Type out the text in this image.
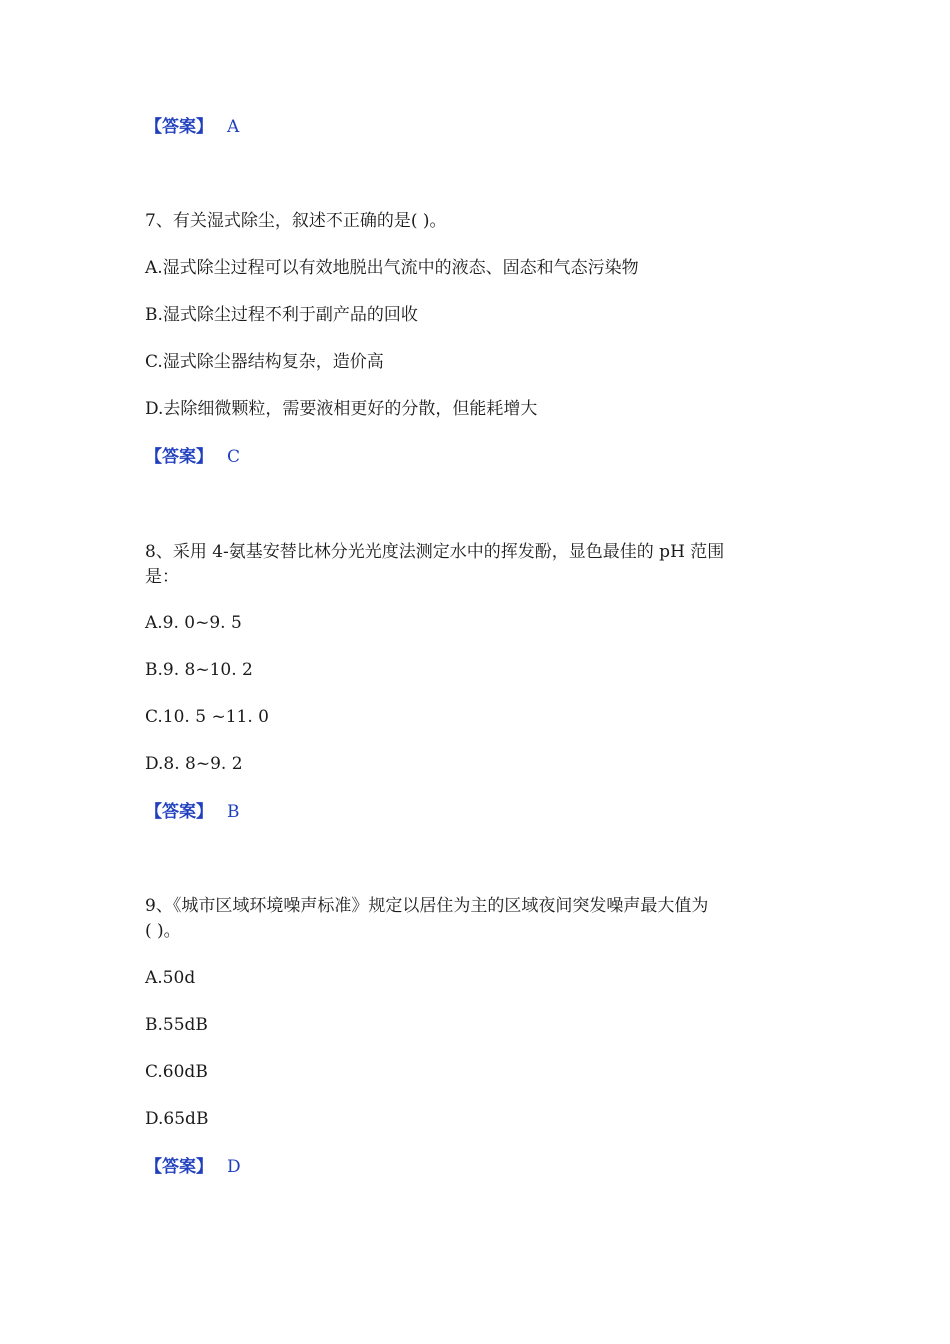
【答案】 A
7、有关湿式除尘，叙述不正确的是( )。
A.湿式除尘过程可以有效地脱出气流中的液态、固态和气态污染物
B.湿式除尘过程不利于副产品的回收
C.湿式除尘器结构复杂，造价高
D.去除细微颗粒，需要液相更好的分散，但能耗增大
【答案】 C
8、采用 4-氨基安替比林分光光度法测定水中的挥发酚，显色最佳的 pH 范围
是：
A.9. 0~9. 5
B.9. 8~10. 2
C.10. 5 ~11. 0
D.8. 8~9. 2
【答案】 B
9、《城市区域环境噪声标准》规定以居住为主的区域夜间突发噪声最大值为
( )。
A.50d
B.55dB
C.60dB
D.65dB
【答案】 D
